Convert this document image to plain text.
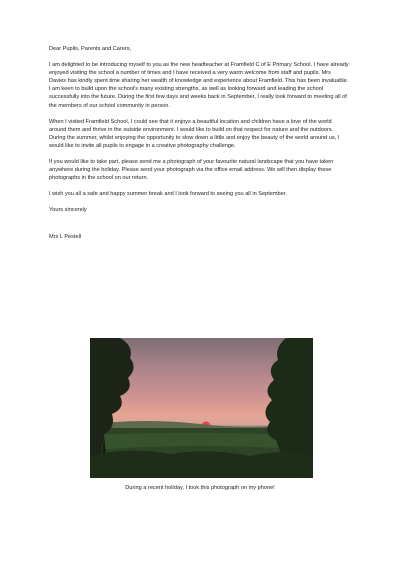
Dear Pupils, Parents and Carers,

I am delighted to be introducing myself to you as the new headteacher at Framfield C of E Primary School. I have already enjoyed visiting the school a number of times and I have received a very warm welcome from staff and pupils. Mrs Davies has kindly spent time sharing her wealth of knowledge and experience about Framfield. This has been invaluable. I am keen to build upon the school's many existing strengths, as well as looking forward and leading the school successfully into the future. During the first few days and weeks back in September, I really look forward to meeting all of the members of our school community in person.

When I visited Framfield School, I could see that it enjoys a beautiful location and children have a love of the world around them and thrive in the outside environment. I would like to build on that respect for nature and the outdoors. During the summer, whilst enjoying the opportunity to slow down a little and enjoy the beauty of the world around us, I would like to invite all pupils to engage in a creative photography challenge.

If you would like to take part, please send me a photograph of your favourite natural landscape that you have taken anywhere during the holiday. Please send your photograph via the office email address. We will then display these photographs in the school on our return.

I wish you all a safe and happy summer break and I look forward to seeing you all in September.

Yours sincerely

Mrs L Pestell

During a recent holiday, I took this photograph on my phone!
